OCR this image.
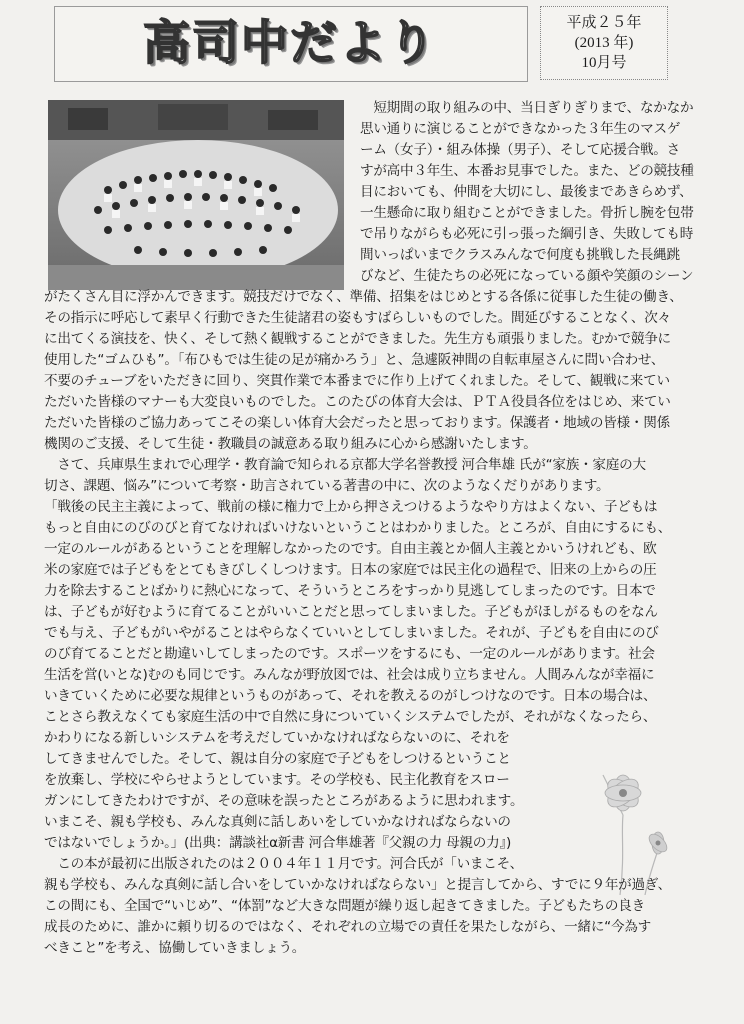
高司中だより	平成２５年
(2013 年)
10月号
　短期間の取り組みの中、当日ぎりぎりまで、なかなか
思い通りに演じることができなかった３年生のマスゲ
ーム（女子）・組み体操（男子）、そして応援合戦。さ
すが高中３年生、本番お見事でした。また、どの競技種
目においても、仲間を大切にし、最後まであきらめず、
一生懸命に取り組むことができました。骨折し腕を包帯
で吊りながらも必死に引っ張った綱引き、失敗しても時
間いっぱいまでクラスみんなで何度も挑戦した長縄跳
びなど、生徒たちの必死になっている顔や笑顔のシーン
がたくさん目に浮かんできます。競技だけでなく、準備、招集をはじめとする各係に従事した生徒の働き、
その指示に呼応して素早く行動できた生徒諸君の姿もすばらしいものでした。間延びすることなく、次々
に出てくる演技を、快く、そして熱く観戦することができました。先生方も頑張りました。むかで競争に
使用した“ゴムひも”。「布ひもでは生徒の足が痛かろう」と、急遽阪神間の自転車屋さんに問い合わせ、
不要のチューブをいただきに回り、突貫作業で本番までに作り上げてくれました。そして、観戦に来てい
ただいた皆様のマナーも大変良いものでした。このたびの体育大会は、ＰＴＡ役員各位をはじめ、来てい
ただいた皆様のご協力あってこその楽しい体育大会だったと思っております。保護者・地域の皆様・関係
機関のご支援、そして生徒・教職員の誠意ある取り組みに心から感謝いたします。
　さて、兵庫県生まれで心理学・教育論で知られる京都大学名誉教授 河合隼雄 氏が“家族・家庭の大
切さ、課題、悩み”について考察・助言されている著書の中に、次のようなくだりがあります。
「戦後の民主主義によって、戦前の様に権力で上から押さえつけるようなやり方はよくない、子どもは
もっと自由にのびのびと育てなければいけないということはわかりました。ところが、自由にするにも、
一定のルールがあるということを理解しなかったのです。自由主義とか個人主義とかいうけれども、欧
米の家庭では子どもをとてもきびしくしつけます。日本の家庭では民主化の過程で、旧来の上からの圧
力を除去することばかりに熱心になって、そういうところをすっかり見逃してしまったのです。日本で
は、子どもが好むように育てることがいいことだと思ってしまいました。子どもがほしがるものをなん
でも与え、子どもがいやがることはやらなくていいとしてしまいました。それが、子どもを自由にのび
のび育てることだと勘違いしてしまったのです。スポーツをするにも、一定のルールがあります。社会
生活を営(いとな)むのも同じです。みんなが野放図では、社会は成り立ちません。人間みんなが幸福に
いきていくために必要な規律というものがあって、それを教えるのがしつけなのです。日本の場合は、
ことさら教えなくても家庭生活の中で自然に身についていくシステムでしたが、それがなくなったら、
かわりになる新しいシステムを考えだしていかなければならないのに、それを
してきませんでした。そして、親は自分の家庭で子どもをしつけるということ
を放棄し、学校にやらせようとしています。その学校も、民主化教育をスロー
ガンにしてきたわけですが、その意味を誤ったところがあるように思われます。
いまこそ、親も学校も、みんな真剣に話しあいをしていかなければならないの
ではないでしょうか。」(出典：講談社α新書 河合隼雄著『父親の力 母親の力』)
　この本が最初に出版されたのは２００４年１１月です。河合氏が「いまこそ、
親も学校も、みんな真剣に話し合いをしていかなければならない」と提言してから、すでに９年が過ぎ、
この間にも、全国で“いじめ”、“体罰”など大きな問題が繰り返し起きてきました。子どもたちの良き
成長のために、誰かに頼り切るのではなく、それぞれの立場での責任を果たしながら、一緒に“今為す
べきこと”を考え、協働していきましょう。
